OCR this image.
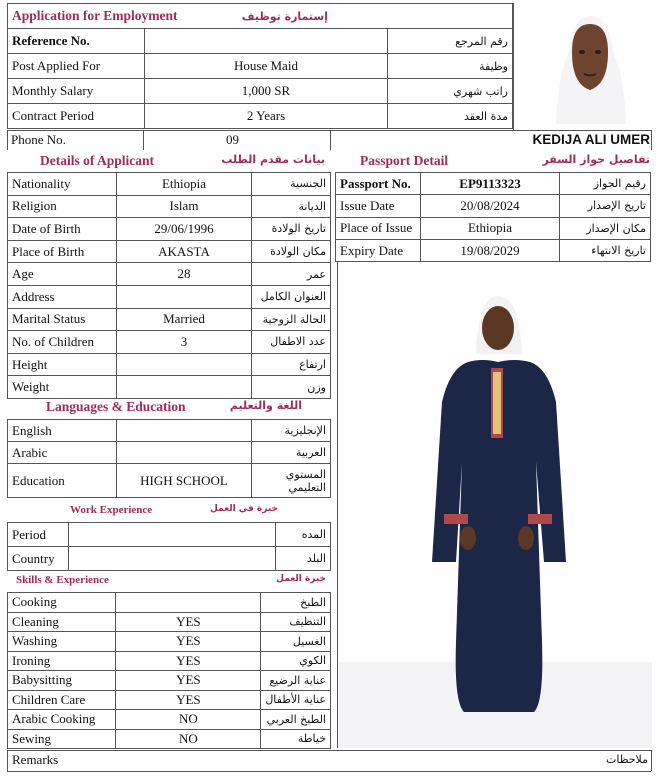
Application for Employment إستمارة توظيف		

Reference No.		رقم المرجع
Post Applied For	House Maid	وظيفة
Monthly Salary	1,000 SR	راتب شهري
Contract Period	2 Years	مدة العقد
Phone No.	09	KEDIJA ALI UMER
Details of Applicant	بيانات مقدم الطلب	Passport Detail	تفاصيل جواز السفر
Nationality	Ethiopia	الجنسية
Religion	Islam	الديانة
Date of Birth	29/06/1996	تاريخ الولادة
Place of Birth	AKASTA	مكان الولادة
Age	28	عمر
Address		العنوان الكامل
Marital Status	Married	الحالة الزوجية
No. of Children	3	عدد الاطفال
Height		ارتفاع
Weight		وزن
Languages & Education	اللغة والتعليم
English		الإنجليزية
Arabic		العربية
Education	HIGH SCHOOL	المستوي التعليمي
Work Experience	خبرة في العمل
Period		المده
Country		البلد
Skills & Experience	خبرة العمل
Cooking		الطبخ
Cleaning	YES	التنظيف
Washing	YES	الغسيل
Ironing	YES	الكوي
Babysitting	YES	عناية الرضيع
Children Care	YES	عناية الأطفال
Arabic Cooking	NO	الطبخ العربي
Sewing	NO	خياطة
Remarks	ملاحظات
Passport No.	EP9113323	رقيم الجواز
Issue Date	20/08/2024	تاريخ الإصدار
Place of Issue	Ethiopia	مكان الإصدار
Expiry Date	19/08/2029	تاريخ الانتهاء
